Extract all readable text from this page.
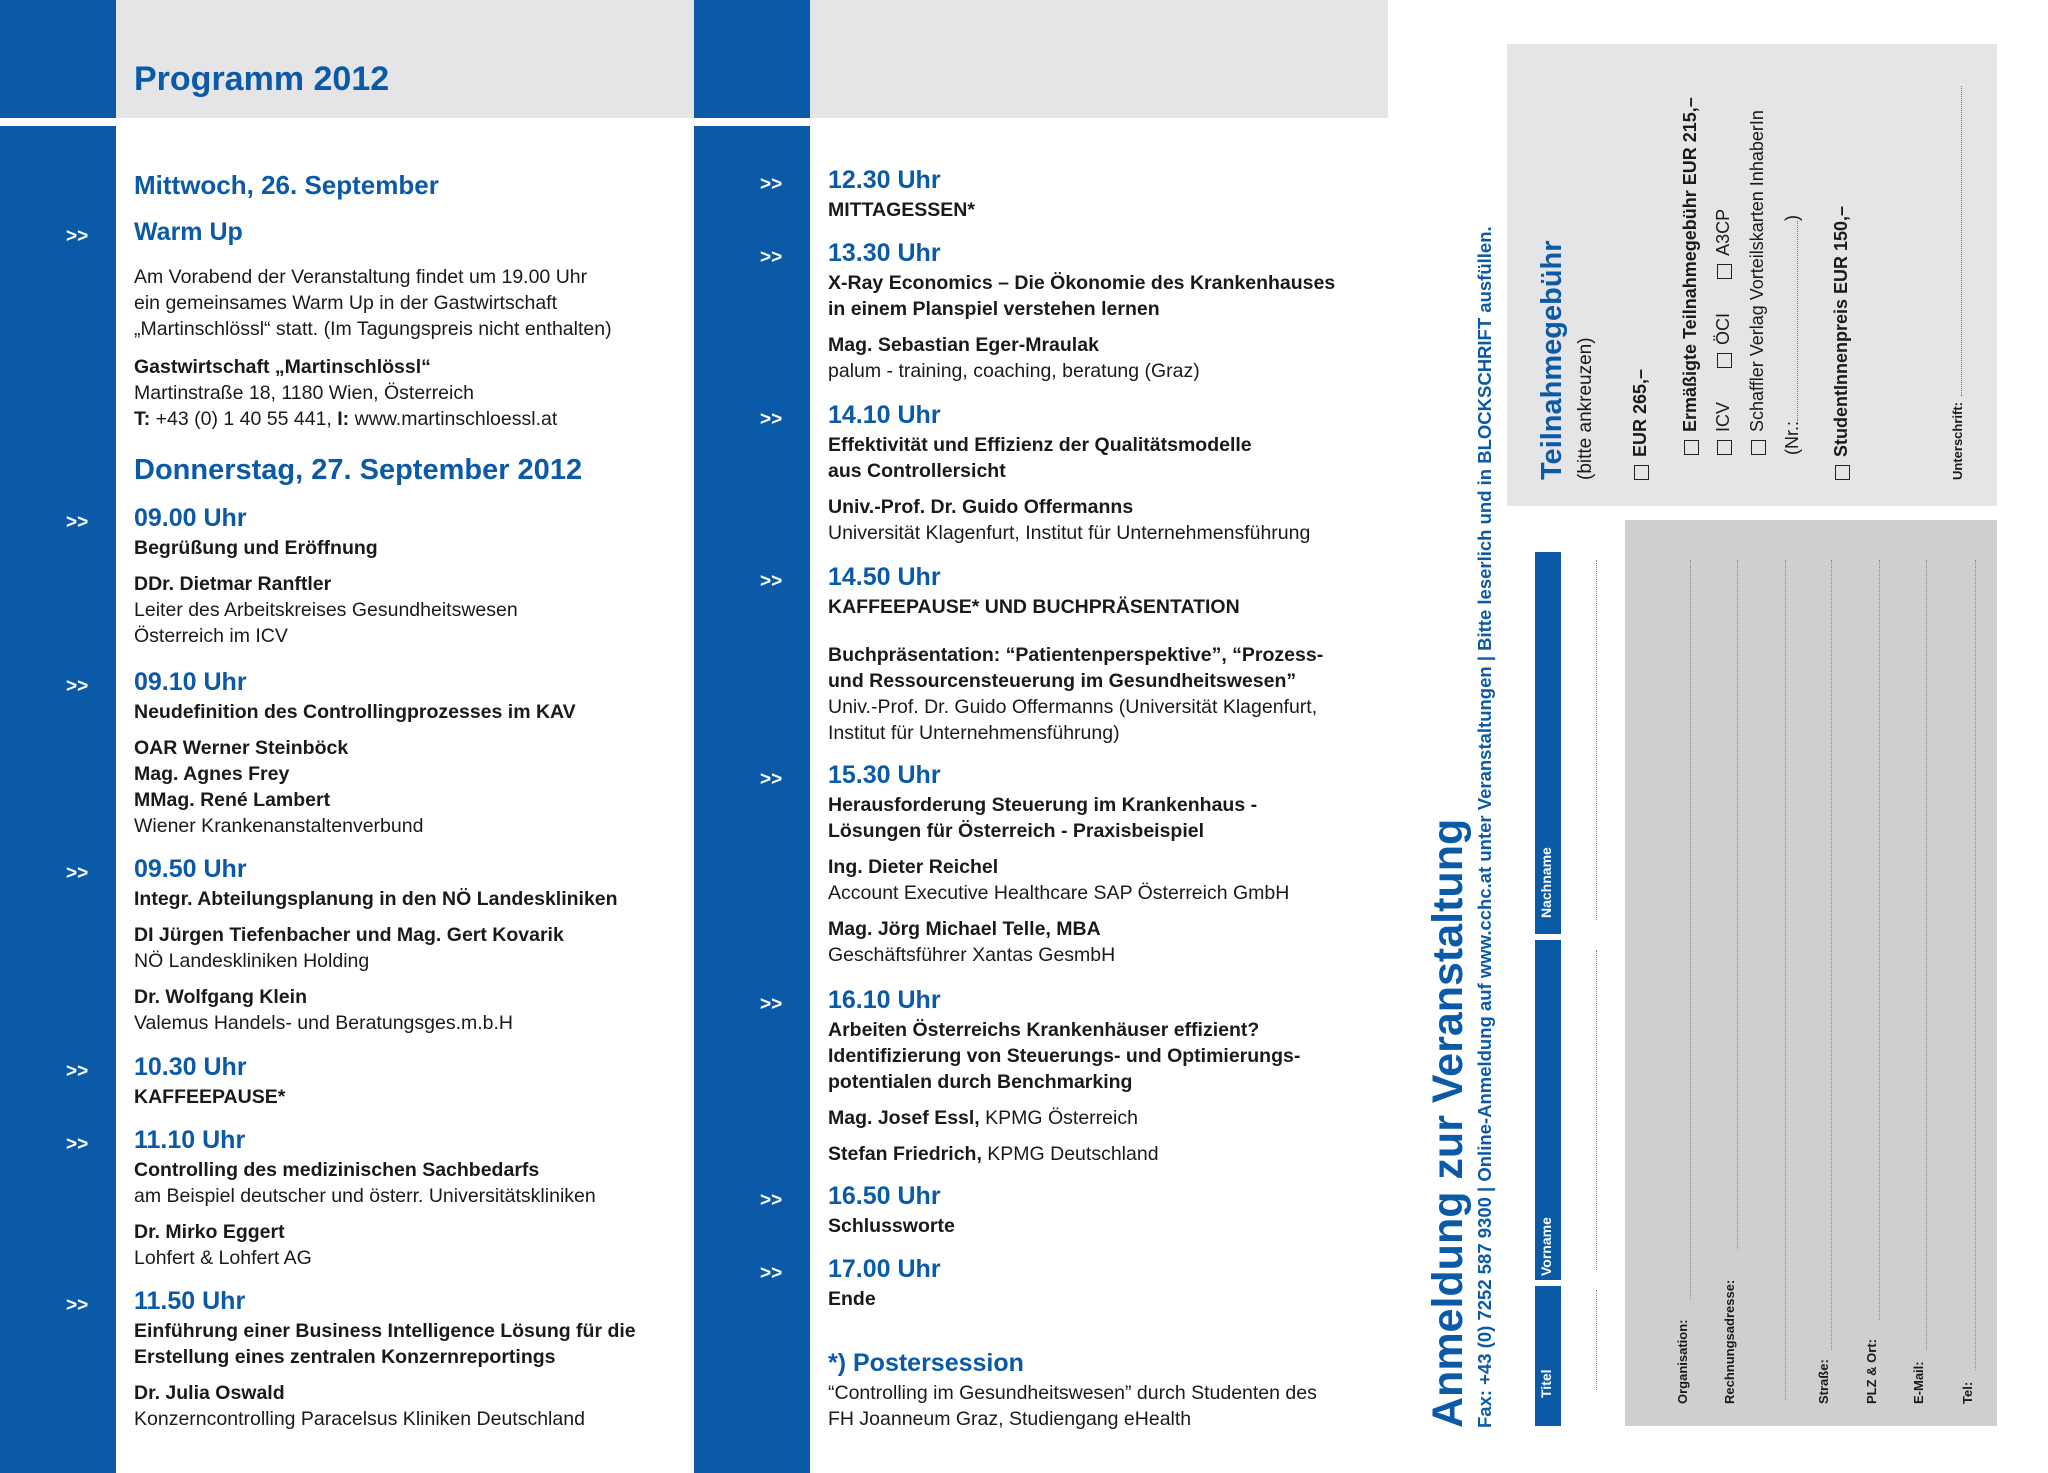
Programm 2012
Mittwoch, 26. September
>> Warm Up
Am Vorabend der Veranstaltung findet um 19.00 Uhr
ein gemeinsames Warm Up in der Gastwirtschaft
„Martinschlössl“ statt. (Im Tagungspreis nicht enthalten)
Gastwirtschaft „Martinschlössl“
Martinstraße 18, 1180 Wien, Österreich
T: +43 (0) 1 40 55 441, I: www.martinschloessl.at
Donnerstag, 27. September 2012
>> 09.00 Uhr
Begrüßung und Eröffnung
DDr. Dietmar Ranftler
Leiter des Arbeitskreises Gesundheitswesen
Österreich im ICV
>> 09.10 Uhr
Neudefinition des Controllingprozesses im KAV
OAR Werner Steinböck
Mag. Agnes Frey
MMag. René Lambert
Wiener Krankenanstaltenverbund
>> 09.50 Uhr
Integr. Abteilungsplanung in den NÖ Landeskliniken
DI Jürgen Tiefenbacher und Mag. Gert Kovarik
NÖ Landeskliniken Holding
Dr. Wolfgang Klein
Valemus Handels- und Beratungsges.m.b.H
>> 10.30 Uhr
KAFFEEPAUSE*
>> 11.10 Uhr
Controlling des medizinischen Sachbedarfs
am Beispiel deutscher und österr. Universitätskliniken
Dr. Mirko Eggert
Lohfert & Lohfert AG
>> 11.50 Uhr
Einführung einer Business Intelligence Lösung für die
Erstellung eines zentralen Konzernreportings
Dr. Julia Oswald
Konzerncontrolling Paracelsus Kliniken Deutschland
>> 12.30 Uhr
MITTAGESSEN*
>> 13.30 Uhr
X-Ray Economics – Die Ökonomie des Krankenhauses
in einem Planspiel verstehen lernen
Mag. Sebastian Eger-Mraulak
palum - training, coaching, beratung (Graz)
>> 14.10 Uhr
Effektivität und Effizienz der Qualitätsmodelle
aus Controllersicht
Univ.-Prof. Dr. Guido Offermanns
Universität Klagenfurt, Institut für Unternehmensführung
>> 14.50 Uhr
KAFFEEPAUSE* UND BUCHPRÄSENTATION
Buchpräsentation: “Patientenperspektive”, “Prozess-
und Ressourcensteuerung im Gesundheitswesen”
Univ.-Prof. Dr. Guido Offermanns (Universität Klagenfurt,
Institut für Unternehmensführung)
>> 15.30 Uhr
Herausforderung Steuerung im Krankenhaus -
Lösungen für Österreich - Praxisbeispiel
Ing. Dieter Reichel
Account Executive Healthcare SAP Österreich GmbH
Mag. Jörg Michael Telle, MBA
Geschäftsführer Xantas GesmbH
>> 16.10 Uhr
Arbeiten Österreichs Krankenhäuser effizient?
Identifizierung von Steuerungs- und Optimierungs-
potentialen durch Benchmarking
Mag. Josef Essl, KPMG Österreich
Stefan Friedrich, KPMG Deutschland
>> 16.50 Uhr
Schlussworte
>> 17.00 Uhr
Ende
*) Postersession
“Controlling im Gesundheitswesen” durch Studenten des
FH Joanneum Graz, Studiengang eHealth	Anmeldung zur Veranstaltung Fax: +43 (0) 7252 587 9300 | Online-Anmeldung auf www.cchc.at unter Veranstaltungen | Bitte leserlich und in BLOCKSCHRIFT ausfüllen. Teilnahmegebühr (bitte ankreuzen) EUR 265,– Ermäßigte Teilnahmegebühr EUR 215,– ICV  ÖCI  A3CP Schaffler Verlag Vorteilskarten InhaberIn
(Nr.:) StudentInnenpreis EUR 150,–	Unterschrift:
Titel
Vorname
Nachname
Organisation: Rechnungsadresse:	Straße:	PLZ & Ort: E-Mail:	Tel:
